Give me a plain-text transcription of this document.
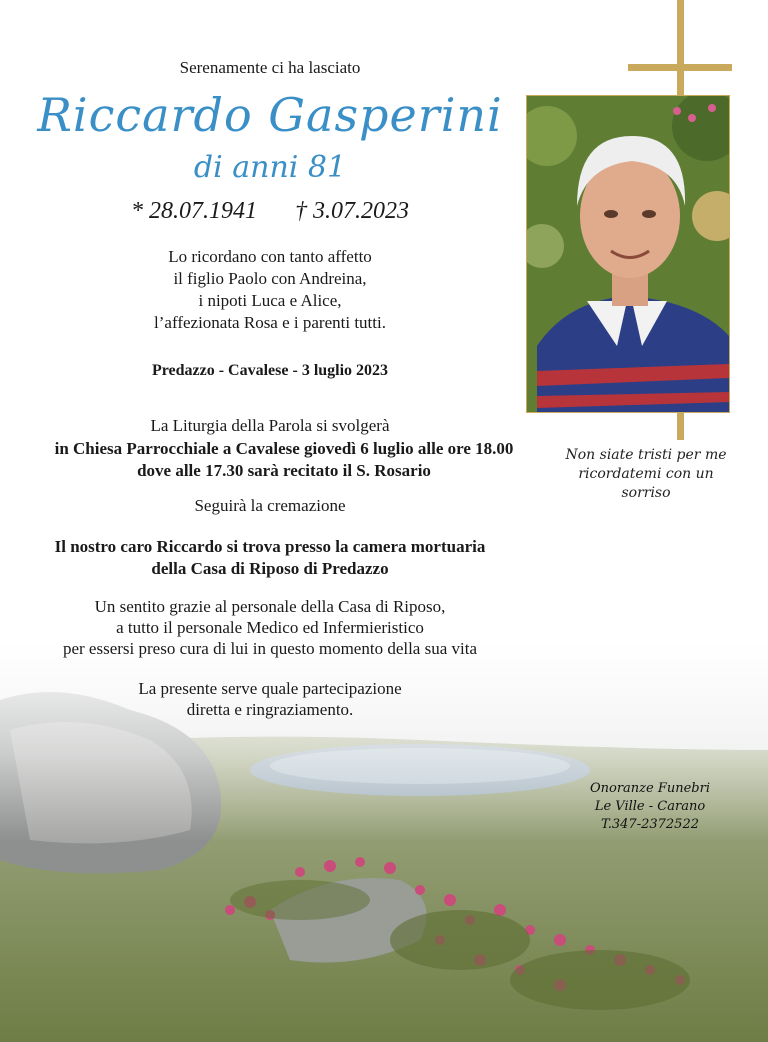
Serenamente ci ha lasciato
Riccardo Gasperini
di anni 81
* 28.07.1941 † 3.07.2023
Lo ricordano con tanto affetto
il figlio Paolo con Andreina,
i nipoti Luca e Alice,
l’affezionata Rosa e i parenti tutti.
Predazzo - Cavalese - 3 luglio 2023
La Liturgia della Parola si svolgerà
in Chiesa Parrocchiale a Cavalese giovedì 6 luglio alle ore 18.00
dove alle 17.30 sarà recitato il S. Rosario
Seguirà la cremazione
Il nostro caro Riccardo si trova presso la camera mortuaria
della Casa di Riposo di Predazzo
Un sentito grazie al personale della Casa di Riposo,
a tutto il personale Medico ed Infermieristico
per essersi preso cura di lui in questo momento della sua vita
La presente serve quale partecipazione
diretta e ringraziamento.
Non siate tristi per me
ricordatemi con un
sorriso
Onoranze Funebri
Le Ville - Carano
T.347-2372522
